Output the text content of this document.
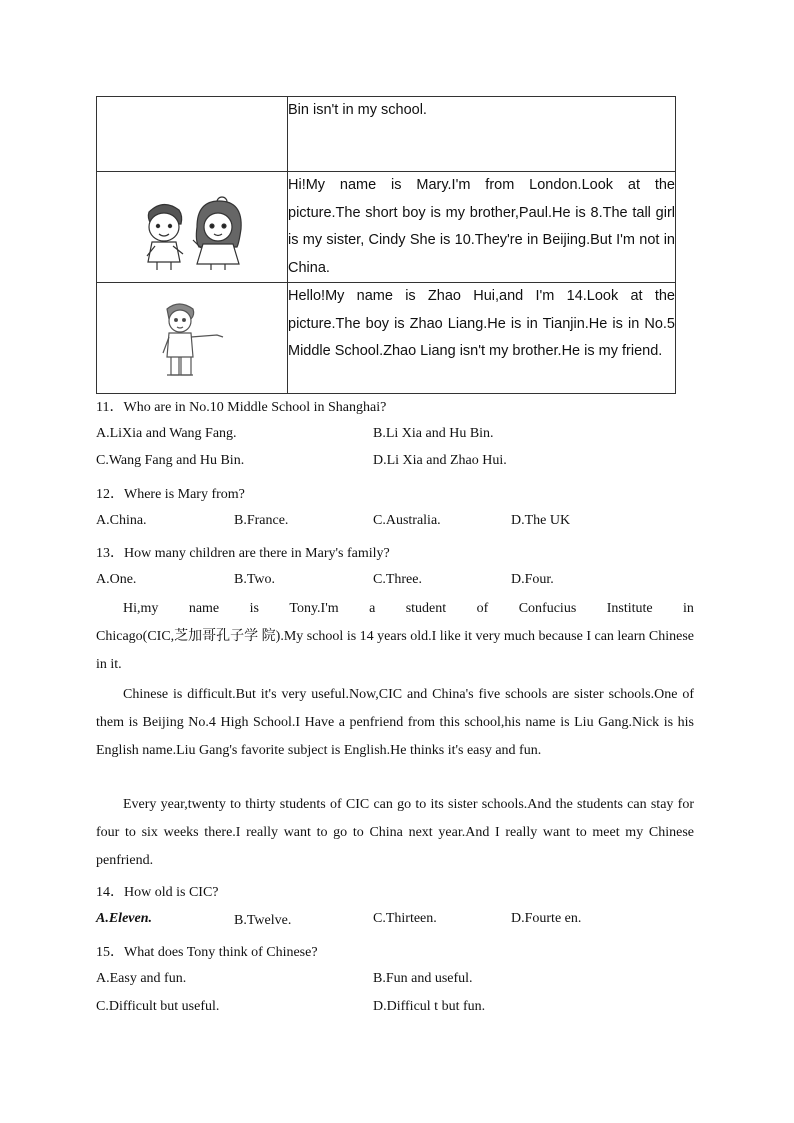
	Bin isn't in my school.

	Hi!My name is Mary.I'm from London.Look at the picture.The short boy is my brother,Paul.He is 8.The tall girl is my sister, Cindy She is 10.They're in Beijing.But I'm not in China.

	Hello!My name is Zhao Hui,and I'm 14.Look at the picture.The boy is Zhao Liang.He is in Tianjin.He is in No.5 Middle School.Zhao Liang isn't my brother.He is my friend.
11．Who are in No.10 Middle School in Shanghai?
A.LiXia and Wang Fang.	B.Li Xia and Hu Bin.
C.Wang Fang and Hu Bin.	D.Li Xia and Zhao Hui.
12．Where is Mary from?
A.China.	B.France.	C.Australia.	D.The UK
13．How many children are there in Mary's family?
A.One.	B.Two.	C.Three.	D.Four.
Hi,my name is Tony.I'm a student of Confucius Institute in
Chicago(CIC,芝加哥孔子学 院).My school is 14 years old.I like it very much because I can learn Chinese in it.
Chinese is difficult.But it's very useful.Now,CIC and China's five schools are sister schools.One of them is Beijing No.4 High School.I Have a penfriend from this school,his name is Liu Gang.Nick is his English name.Liu Gang's favorite subject is English.He thinks it's easy and fun.
Every year,twenty to thirty students of CIC can go to its sister schools.And the students can stay for four to six weeks there.I really want to go to China next year.And I really want to meet my Chinese penfriend.
14．How old is CIC?
A.Eleven.	B.Twelve.	C.Thirteen.	D.Fourte en.
15．What does Tony think of Chinese?
A.Easy and fun.	B.Fun and useful.
C.Difficult but useful.	D.Difficul t but fun.
